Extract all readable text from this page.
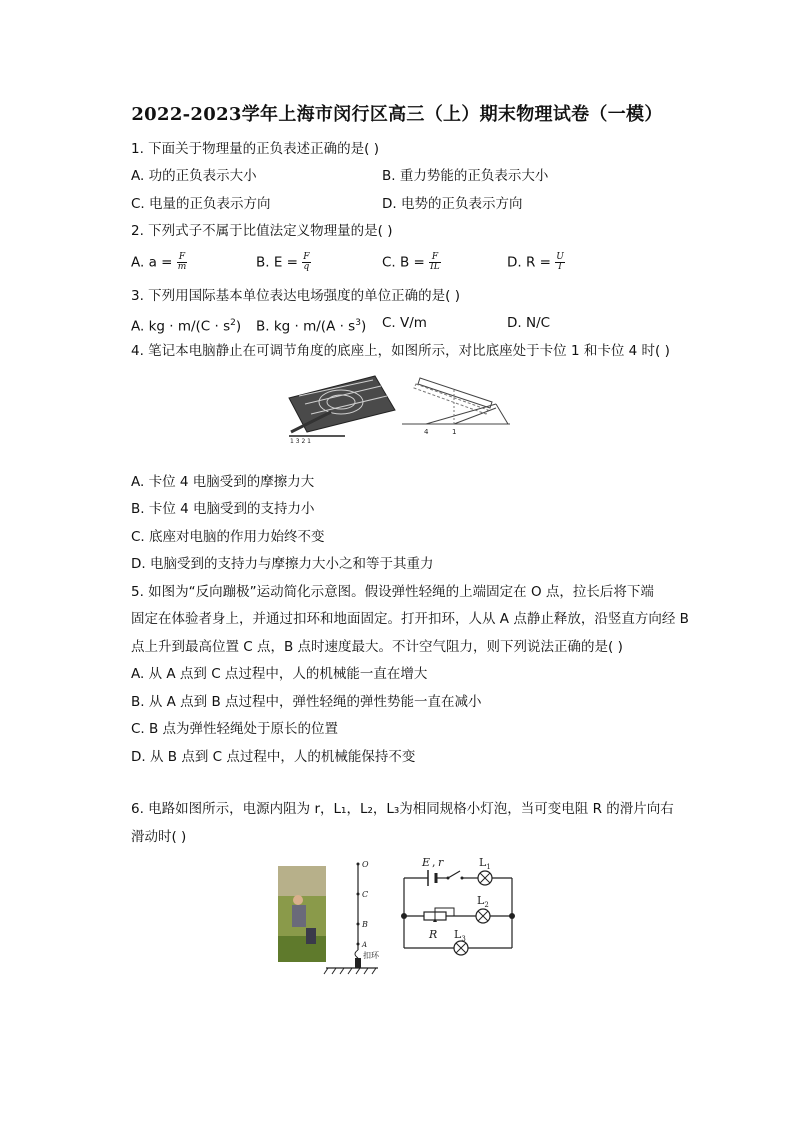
2022-2023学年上海市闵行区高三（上）期末物理试卷（一模）
1. 下面关于物理量的正负表述正确的是( )
A. 功的正负表示大小	B. 重力势能的正负表示大小
C. 电量的正负表示方向	D. 电势的正负表示方向
2. 下列式子不属于比值法定义物理量的是( )
A. $a = \frac{F}{m}$	B. $E = \frac{F}{q}$	C. $B = \frac{F}{IL}$	D. $R = \frac{U}{I}$
3. 下列用国际基本单位表达电场强度的单位正确的是( )
A. kg · $m/(C \cdot s^2)$ B. kg · $m/(A \cdot s^3)$ C. V/m	D. N/C
4. 笔记本电脑静止在可调节角度的底座上，如图所示，对比底座处于卡位 1 和卡位 4 时( )
1 3 2 1
4	1
A. 卡位 4 电脑受到的摩擦力大
B. 卡位 4 电脑受到的支持力小
C. 底座对电脑的作用力始终不变
D. 电脑受到的支持力与摩擦力大小之和等于其重力
5. 如图为“反向蹦极”运动简化示意图。假设弹性轻绳的上端固定在 O 点，拉长后将下端
固定在体验者身上，并通过扣环和地面固定。打开扣环，人从 A 点静止释放，沿竖直方向经 B
点上升到最高位置 C 点，B 点时速度最大。不计空气阻力，则下列说法正确的是( )
A. 从 A 点到 C 点过程中，人的机械能一直在增大
B. 从 A 点到 B 点过程中，弹性轻绳的弹性势能一直在减小
C. B 点为弹性轻绳处于原长的位置
D. 从 B 点到 C 点过程中，人的机械能保持不变
6. 电路如图所示，电源内阻为 r，L₁，L₂，L₃为相同规格小灯泡，当可变电阻 R 的滑片向右
滑动时( )
O
C
B
A
扣环
E , r	$L_1$
$L_2$
R $L_3$
